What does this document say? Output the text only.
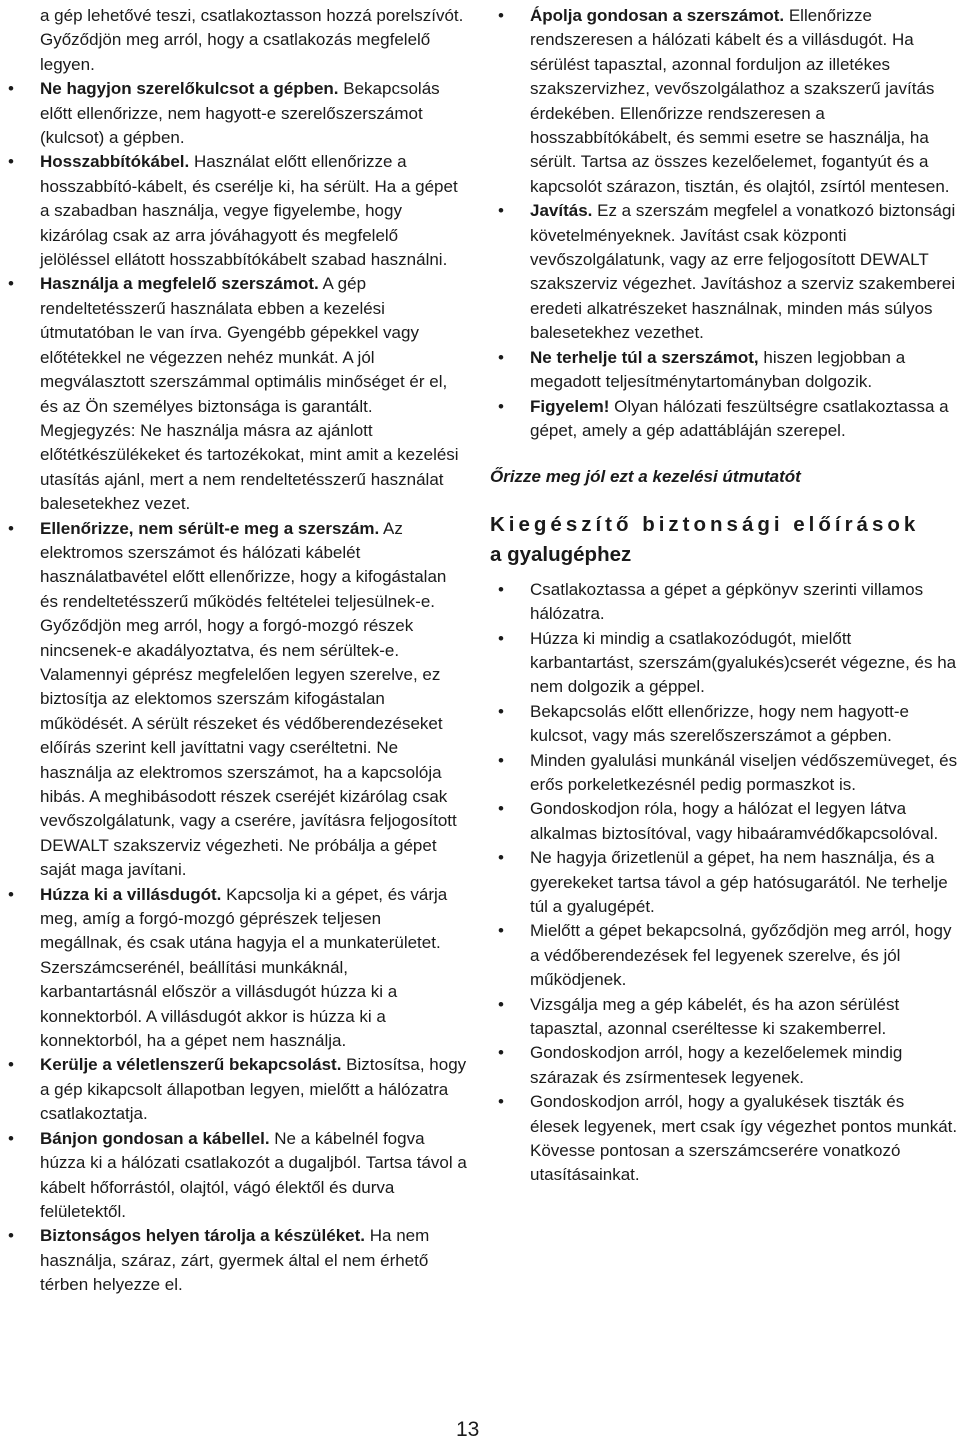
a gép lehetővé teszi, csatlakoztasson hozzá porelszívót. Győződjön meg arról, hogy a csatlakozás megfelelő legyen.
• Ne hagyjon szerelőkulcsot a gépben. Bekapcsolás előtt ellenőrizze, nem hagyott-e szerelőszerszámot (kulcsot) a gépben.
• Hosszabbítókábel. Használat előtt ellenőrizze a hosszabbító-kábelt, és cserélje ki, ha sérült. Ha a gépet a szabadban használja, vegye figyelembe, hogy kizárólag csak az arra jóváhagyott és megfelelő jelöléssel ellátott hosszabbítókábelt szabad használni.
• Használja a megfelelő szerszámot. A gép rendeltetésszerű használata ebben a kezelési útmutatóban le van írva. Gyengébb gépekkel vagy előtétekkel ne végezzen nehéz munkát. A jól megválasztott szerszámmal optimális minőséget ér el, és az Ön személyes biztonsága is garantált.
Megjegyzés: Ne használja másra az ajánlott előtétkészülékeket és tartozékokat, mint amit a kezelési utasítás ajánl, mert a nem rendeltetésszerű használat balesetekhez vezet.
• Ellenőrizze, nem sérült-e meg a szerszám. Az elektromos szerszámot és hálózati kábelét használatbavétel előtt ellenőrizze, hogy a kifogástalan és rendeltetésszerű működés feltételei teljesülnek-e. Győződjön meg arról, hogy a forgó-mozgó részek nincsenek-e akadályoztatva, és nem sérültek-e. Valamennyi géprész megfelelően legyen szerelve, ez biztosítja az elektomos szerszám kifogástalan működését. A sérült részeket és védőberendezéseket előírás szerint kell javíttatni vagy cseréltetni. Ne használja az elektromos szerszámot, ha a kapcsolója hibás. A meghibásodott részek cseréjét kizárólag csak vevőszolgálatunk, vagy a cserére, javításra feljogosított DEWALT szakszerviz végezheti. Ne próbálja a gépet saját maga javítani.
• Húzza ki a villásdugót. Kapcsolja ki a gépet, és várja meg, amíg a forgó-mozgó géprészek teljesen megállnak, és csak utána hagyja el a munkaterületet. Szerszámcserénél, beállítási munkáknál, karbantartásnál először a villásdugót húzza ki a konnektorból. A villásdugót akkor is húzza ki a konnektorból, ha a gépet nem használja.
• Kerülje a véletlenszerű bekapcsolást. Biztosítsa, hogy a gép kikapcsolt állapotban legyen, mielőtt a hálózatra csatlakoztatja.
• Bánjon gondosan a kábellel. Ne a kábelnél fogva húzza ki a hálózati csatlakozót a dugaljból. Tartsa távol a kábelt hőforrástól, olajtól, vágó élektől és durva felületektől.
• Biztonságos helyen tárolja a készüléket. Ha nem használja, száraz, zárt, gyermek által el nem érhető térben helyezze el.
• Ápolja gondosan a szerszámot. Ellenőrizze rendszeresen a hálózati kábelt és a villásdugót. Ha sérülést tapasztal, azonnal forduljon az illetékes szakszervizhez, vevőszolgálathoz a szakszerű javítás érdekében. Ellenőrizze rendszeresen a hosszabbítókábelt, és semmi esetre se használja, ha sérült. Tartsa az összes kezelőelemet, fogantyút és a kapcsolót szárazon, tisztán, és olajtól, zsírtól mentesen.
• Javítás. Ez a szerszám megfelel a vonatkozó biztonsági követelményeknek. Javítást csak központi vevőszolgálatunk, vagy az erre feljogosított DEWALT szakszerviz végezhet. Javításhoz a szerviz szakemberei eredeti alkatrészeket használnak, minden más súlyos balesetekhez vezethet.
• Ne terhelje túl a szerszámot, hiszen legjobban a megadott teljesítménytartományban dolgozik.
• Figyelem! Olyan hálózati feszültségre csatlakoztassa a gépet, amely a gép adattábláján szerepel.
Őrizze meg jól ezt a kezelési útmutatót
Kiegészítő biztonsági előírások
a gyalugéphez
• Csatlakoztassa a gépet a gépkönyv szerinti villamos hálózatra.
• Húzza ki mindig a csatlakozódugót, mielőtt karbantartást, szerszám(gyalukés)cserét végezne, és ha nem dolgozik a géppel.
• Bekapcsolás előtt ellenőrizze, hogy nem hagyott-e kulcsot, vagy más szerelőszerszámot a gépben.
• Minden gyalulási munkánál viseljen védőszemüveget, és erős porkeletkezésnél pedig pormaszkot is.
• Gondoskodjon róla, hogy a hálózat el legyen látva alkalmas biztosítóval, vagy hibaáramvédőkapcsolóval.
• Ne hagyja őrizetlenül a gépet, ha nem használja, és a gyerekeket tartsa távol a gép hatósugarától. Ne terhelje túl a gyalugépét.
• Mielőtt a gépet bekapcsolná, győződjön meg arról, hogy a védőberendezések fel legyenek szerelve, és jól működjenek.
• Vizsgálja meg a gép kábelét, és ha azon sérülést tapasztal, azonnal cseréltesse ki szakemberrel.
• Gondoskodjon arról, hogy a kezelőelemek mindig szárazak és zsírmentesek legyenek.
• Gondoskodjon arról, hogy a gyalukések tiszták és élesek legyenek, mert csak így végezhet pontos munkát.
Kövesse pontosan a szerszámcserére vonatkozó utasításainkat.
13
